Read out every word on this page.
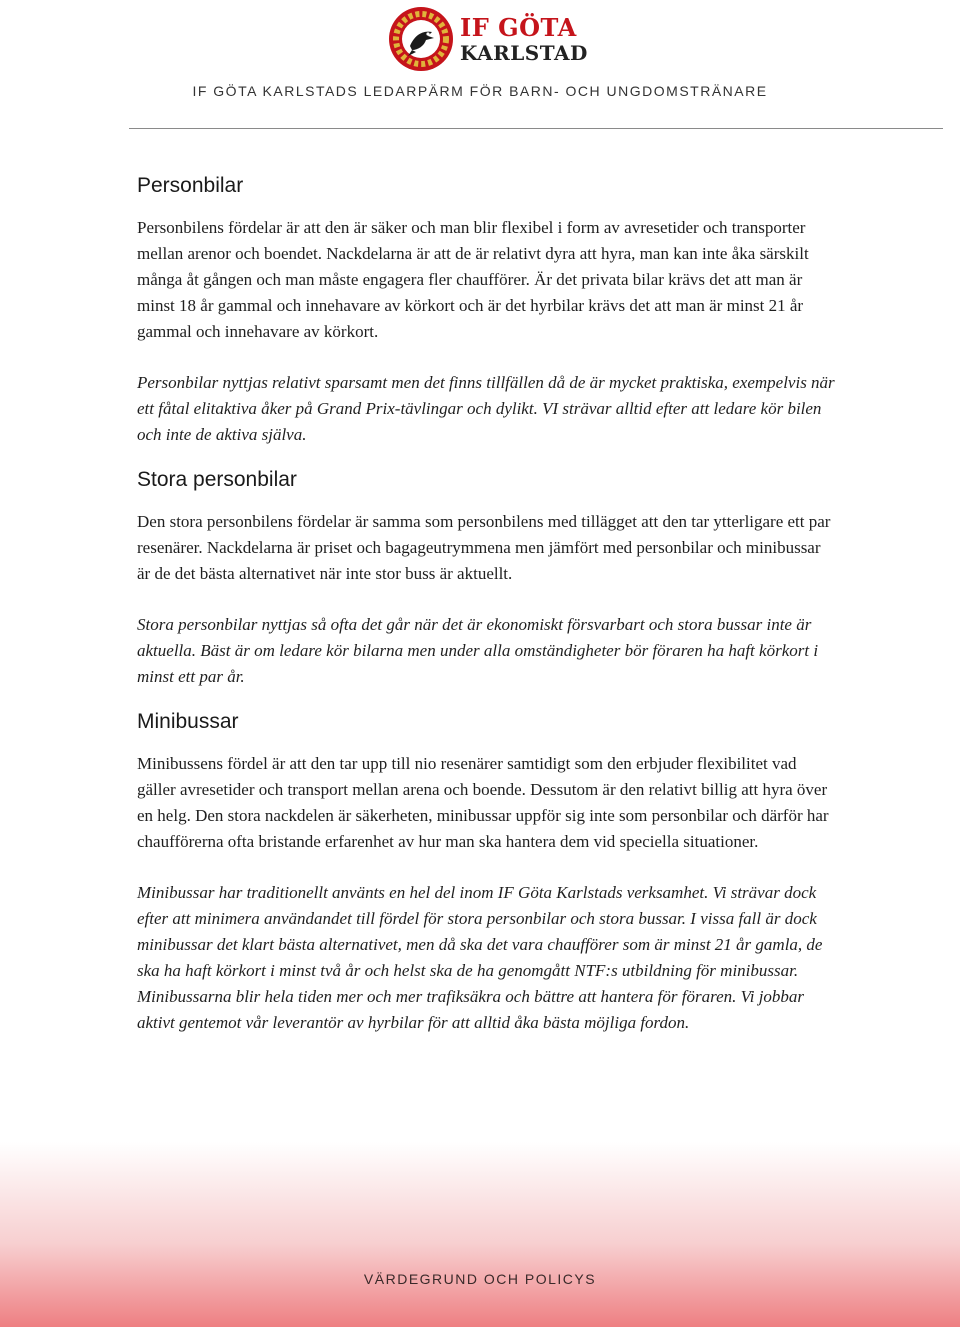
IF GÖTA
KARLSTAD
IF GÖTA KARLSTADS LEDARPÄRM FÖR BARN- OCH UNGDOMSTRÄNARE
Personbilar

Personbilens fördelar är att den är säker och man blir flexibel i form av avresetider och transporter mellan arenor och boendet. Nackdelarna är att de är relativt dyra att hyra, man kan inte åka särskilt många åt gången och man måste engagera fler chaufförer. Är det privata bilar krävs det att man är minst 18 år gammal och innehavare av körkort och är det hyrbilar krävs det att man är minst 21 år gammal och innehavare av körkort.

Personbilar nyttjas relativt sparsamt men det finns tillfällen då de är mycket praktiska, exempelvis när ett fåtal elitaktiva åker på Grand Prix-tävlingar och dylikt. VI strävar alltid efter att ledare kör bilen och inte de aktiva själva.

Stora personbilar

Den stora personbilens fördelar är samma som personbilens med tillägget att den tar ytterligare ett par resenärer. Nackdelarna är priset och bagageutrymmena men jämfört med personbilar och minibussar är de det bästa alternativet när inte stor buss är aktuellt.

Stora personbilar nyttjas så ofta det går när det är ekonomiskt försvarbart och stora bussar inte är aktuella. Bäst är om ledare kör bilarna men under alla omständigheter bör föraren ha haft körkort i minst ett par år.

Minibussar

Minibussens fördel är att den tar upp till nio resenärer samtidigt som den erbjuder flexibilitet vad gäller avresetider och transport mellan arena och boende. Dessutom är den relativt billig att hyra över en helg. Den stora nackdelen är säkerheten, minibussar uppför sig inte som personbilar och därför har chaufförerna ofta bristande erfarenhet av hur man ska hantera dem vid speciella situationer.

Minibussar har traditionellt använts en hel del inom IF Göta Karlstads verksamhet. Vi strävar dock efter att minimera användandet till fördel för stora personbilar och stora bussar. I vissa fall är dock minibussar det klart bästa alternativet, men då ska det vara chaufförer som är minst 21 år gamla, de ska ha haft körkort i minst två år och helst ska de ha genomgått NTF:s utbildning för minibussar. Minibussarna blir hela tiden mer och mer trafiksäkra och bättre att hantera för föraren. Vi jobbar aktivt gentemot vår leverantör av hyrbilar för att alltid åka bästa möjliga fordon.

VÄRDEGRUND OCH POLICYS
